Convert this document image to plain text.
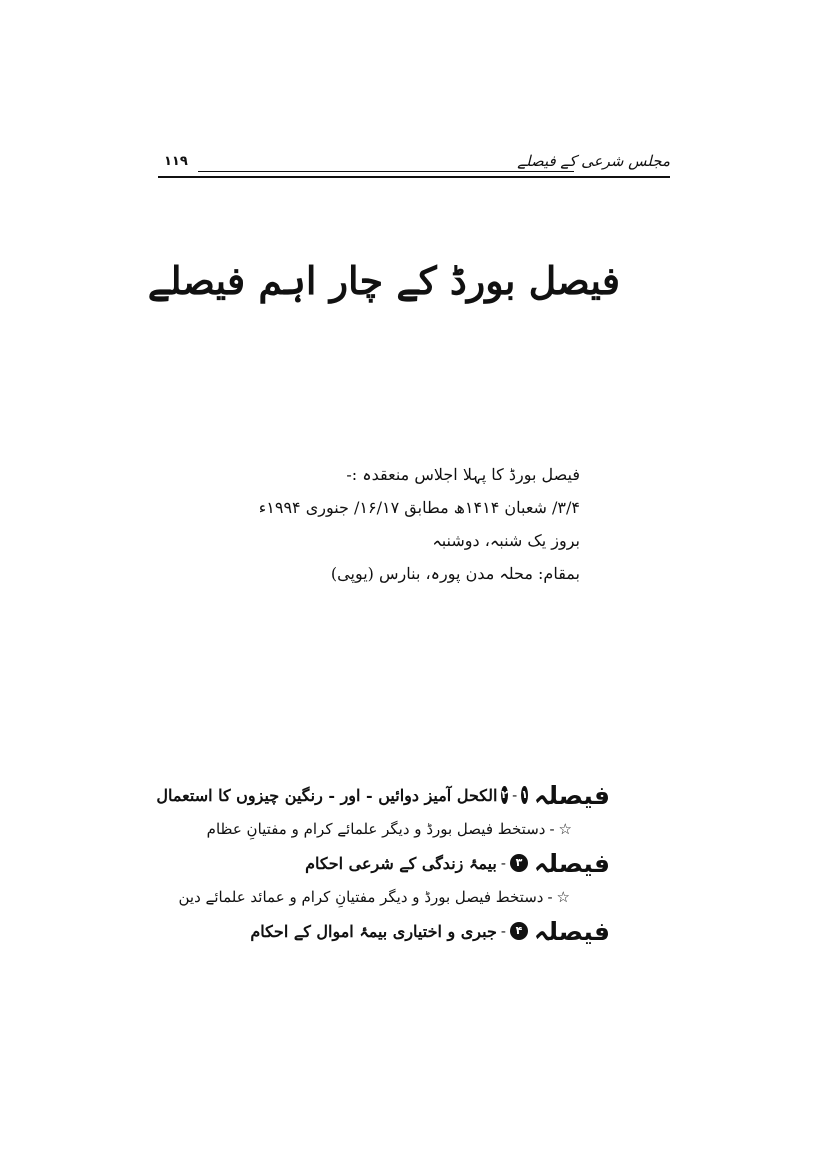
۱۱۹	مجلس شرعی کے فیصلے
فیصل بورڈ کے چار اہم فیصلے
فیصل بورڈ کا پہلا اجلاس منعقدہ :-
۳/۴/ شعبان ۱۴۱۴ھ مطابق ۱۶/۱۷/ جنوری ۱۹۹۴ء
بروز یک شنبہ، دوشنبہ
بمقام: محلہ مدن پورہ، بنارس (یوپی)
فیصلہ
۱
-
۲
الکحل آمیز دوائیں - اور - رنگین چیزوں کا استعمال
☆
-
دستخط فیصل بورڈ و دیگر علمائے کرام و مفتیانِ عظام
فیصلہ
۳
-
بیمۂ زندگی کے شرعی احکام
☆
-
دستخط فیصل بورڈ و دیگر مفتیانِ کرام و عمائد علمائے دین
فیصلہ
۴
-
جبری و اختیاری بیمۂ اموال کے احکام
